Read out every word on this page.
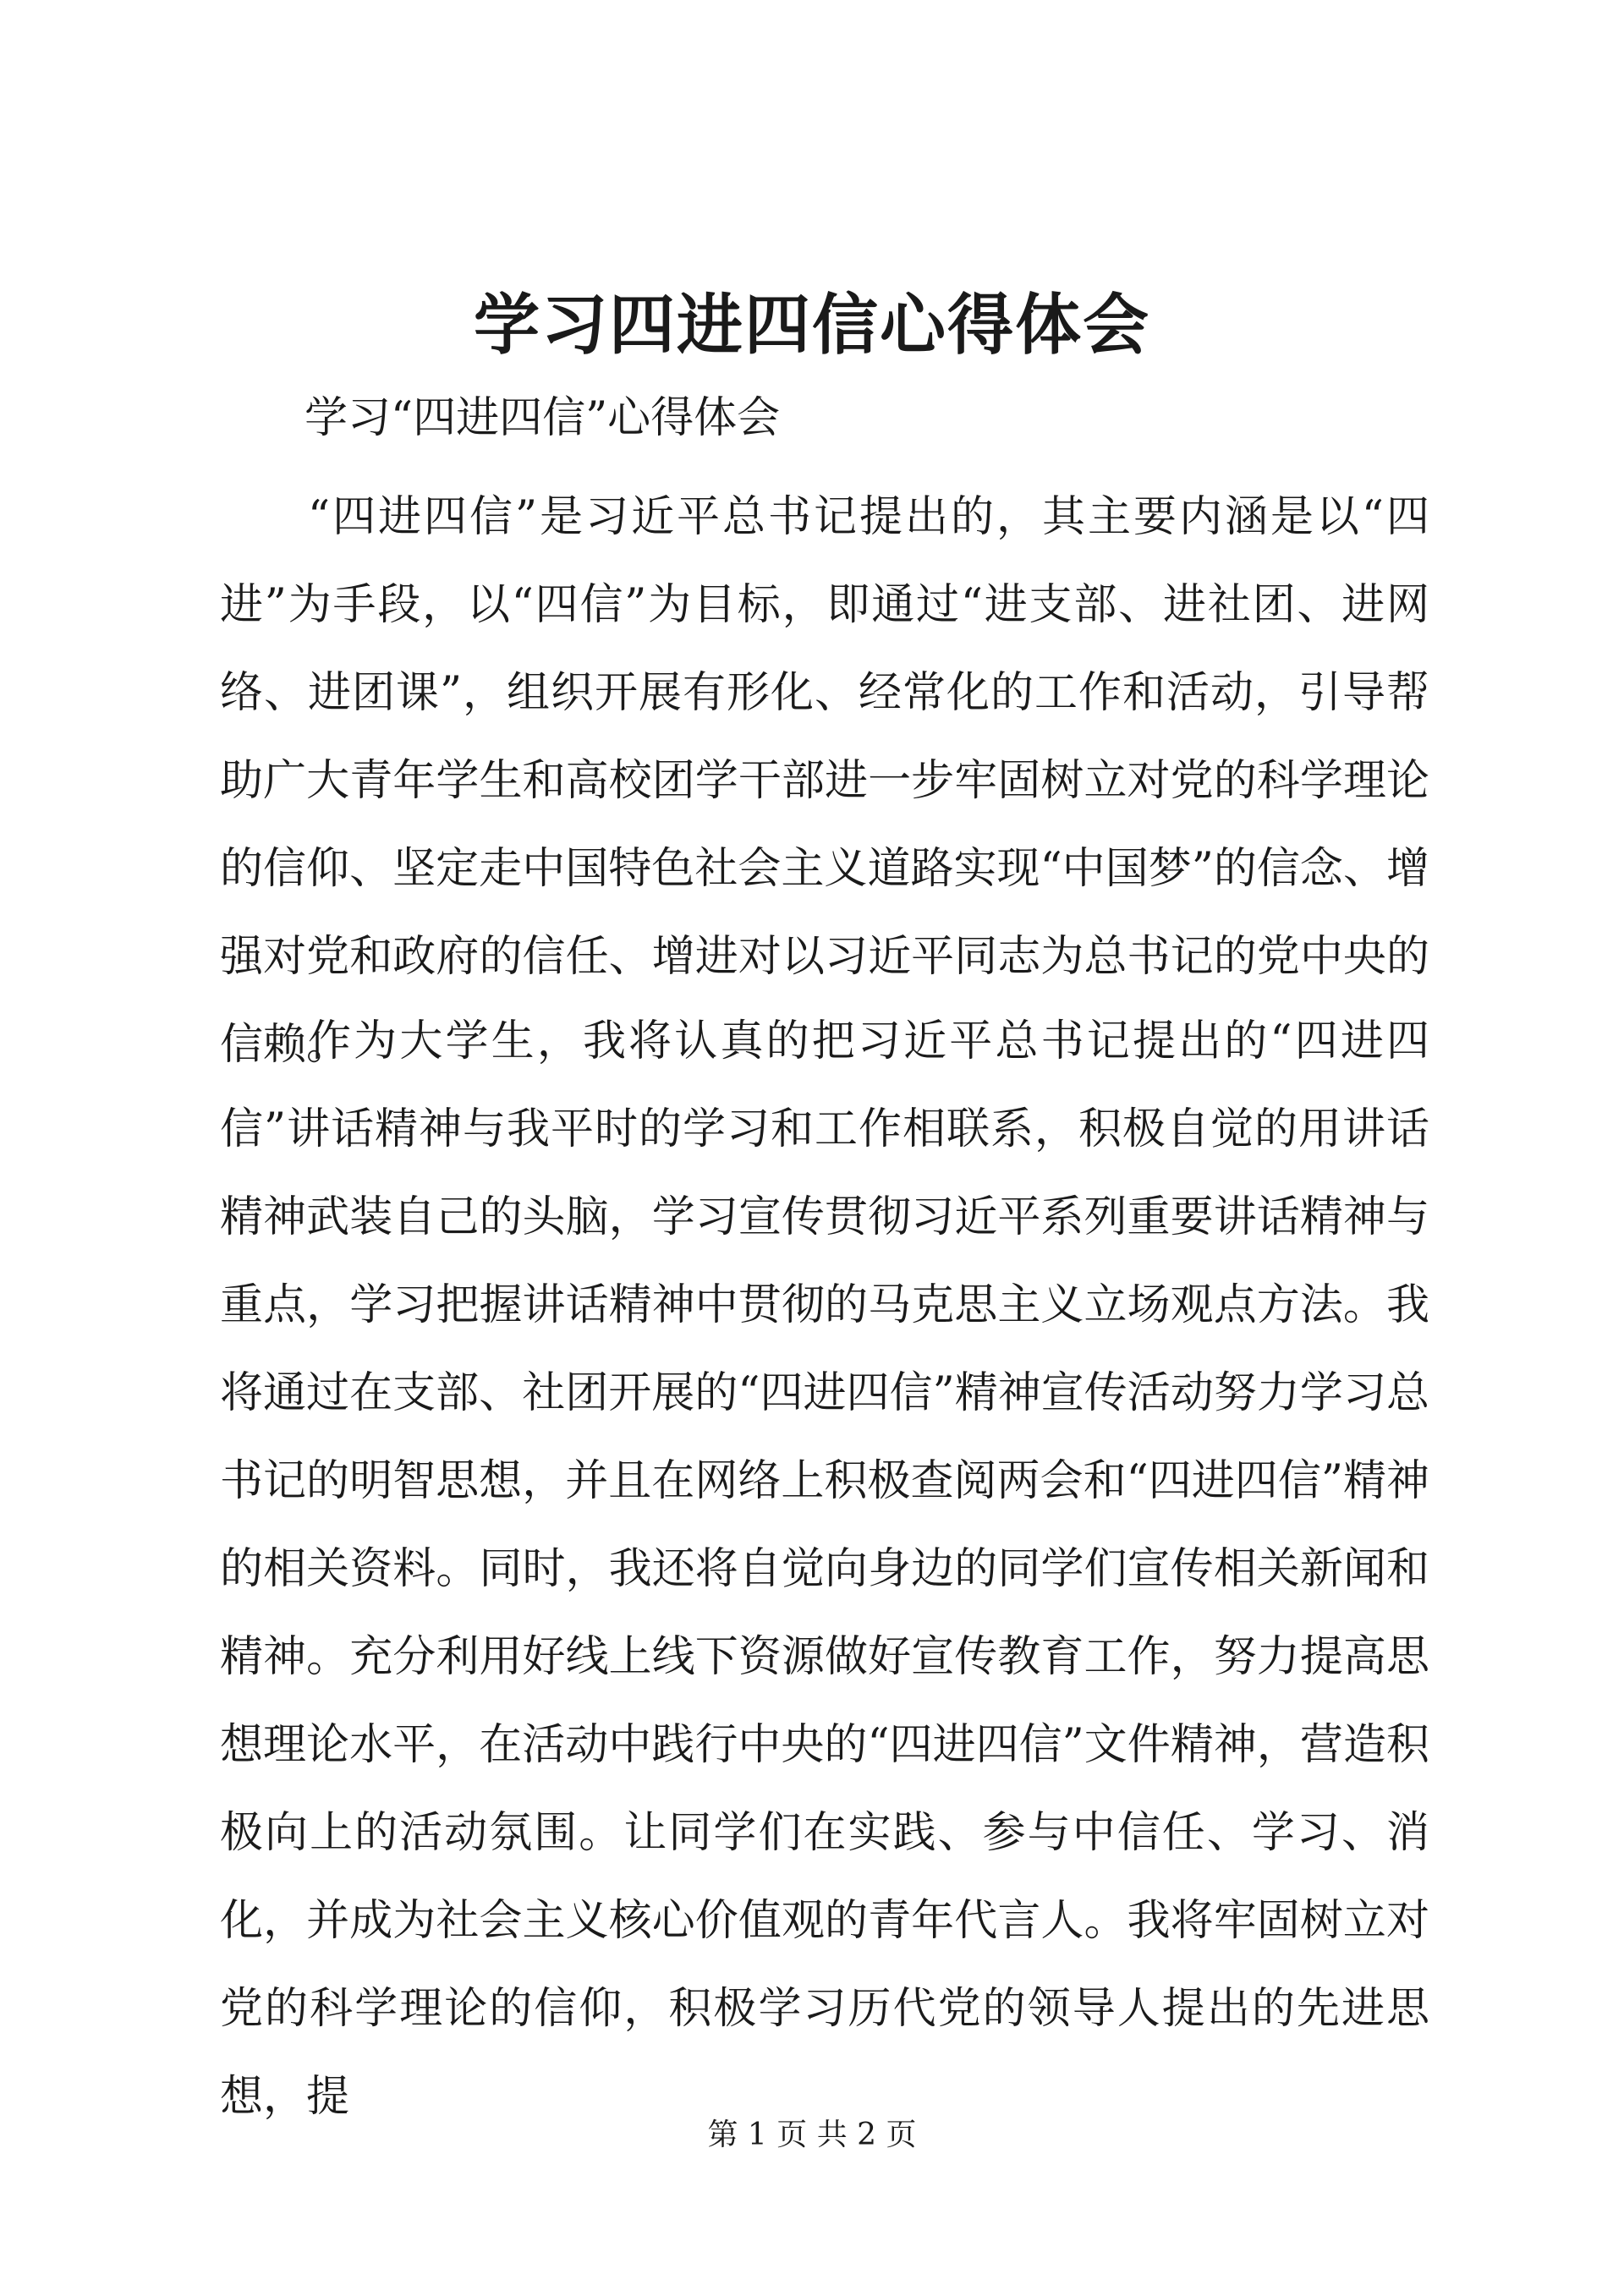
学习四进四信心得体会

学习“四进四信”心得体会

“四进四信”是习近平总书记提出的，其主要内涵是以“四进”为手段，以“四信”为目标，即通过“进支部、进社团、进网络、进团课”，组织开展有形化、经常化的工作和活动，引导帮助广大青年学生和高校团学干部进一步牢固树立对党的科学理论的信仰、坚定走中国特色社会主义道路实现“中国梦”的信念、增强对党和政府的信任、增进对以习近平同志为总书记的党中央的信赖。

作为大学生，我将认真的把习近平总书记提出的“四进四信”讲话精神与我平时的学习和工作相联系，积极自觉的用讲话精神武装自己的头脑，学习宣传贯彻习近平系列重要讲话精神与重点，学习把握讲话精神中贯彻的马克思主义立场观点方法。我将通过在支部、社团开展的“四进四信”精神宣传活动努力学习总书记的明智思想，并且在网络上积极查阅两会和“四进四信”精神的相关资料。同时，我还将自觉向身边的同学们宣传相关新闻和精神。充分利用好线上线下资源做好宣传教育工作，努力提高思想理论水平，在活动中践行中央的“四进四信”文件精神，营造积极向上的活动氛围。让同学们在实践、参与中信任、学习、消化，并成为社会主义核心价值观的青年代言人。我将牢固树立对党的科学理论的信仰，积极学习历代党的领导人提出的先进思想，提

第 1 页 共 2 页
